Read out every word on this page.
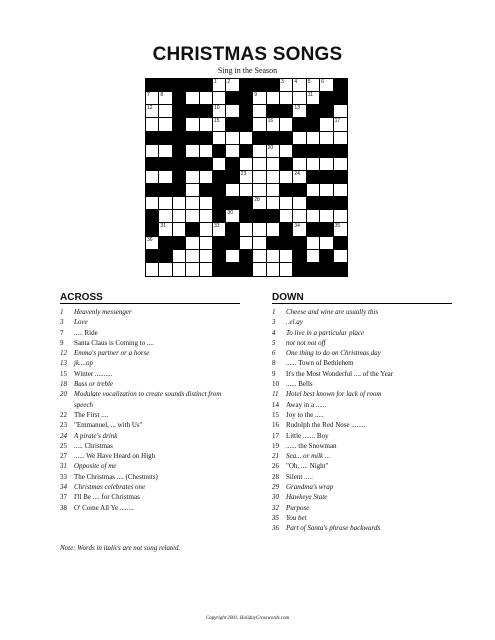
CHRISTMAS SONGS
Sing in the Season
1 2	3 4 5 6
7 8	9	11
12	10	13
15	16	17
20
23	24
28
30
31	33	34	35
36
ACROSS
1	Heavenly messenger
3	Love
7	..... Ride
9	Santa Claus is Coming to ....
12	Emma's partner or a horse
13	jk....op
15	Winter ..........
18	Bass or treble
20	Modulate vocalization to create sounds distinct from speech
22	The First ....
23	"Emmanuel, ... with Us"
24	A pirate's drink
25	..... Christmas
27	...... We Have Heard on High
31	Opposite of me
33	The Christmas .... (Chestnuts)
34	Christmas celebrates one
37	I'll Be .... for Christmas
38	O' Come All Ye ........
DOWN
1	Cheese and wine are usually this
3	..el.ay
4	To live in a particular place
5	not not not off
6	One thing to do on Christmas day
8	...... Town of Bethlehem
9	It's the Most Wonderful .... of the Year
10	...... Bells
11	Hotel best known for lack of room
14	Away in a ......
15	Joy to the .....
16	Rudolph the Red Nose ........
17	Little ....... Boy
19	...... the Snowman
21	Sea... or milk ...
26	"Oh, .... Night"
28	Silent .....
29	Grandma's wrap
30	Hawkeye State
32	Purpose
35	You bet
36	Part of Santa's phrase backwards
Note: Words in italics are not song related.
Copyright 2001, HolidayCrosswords.com
